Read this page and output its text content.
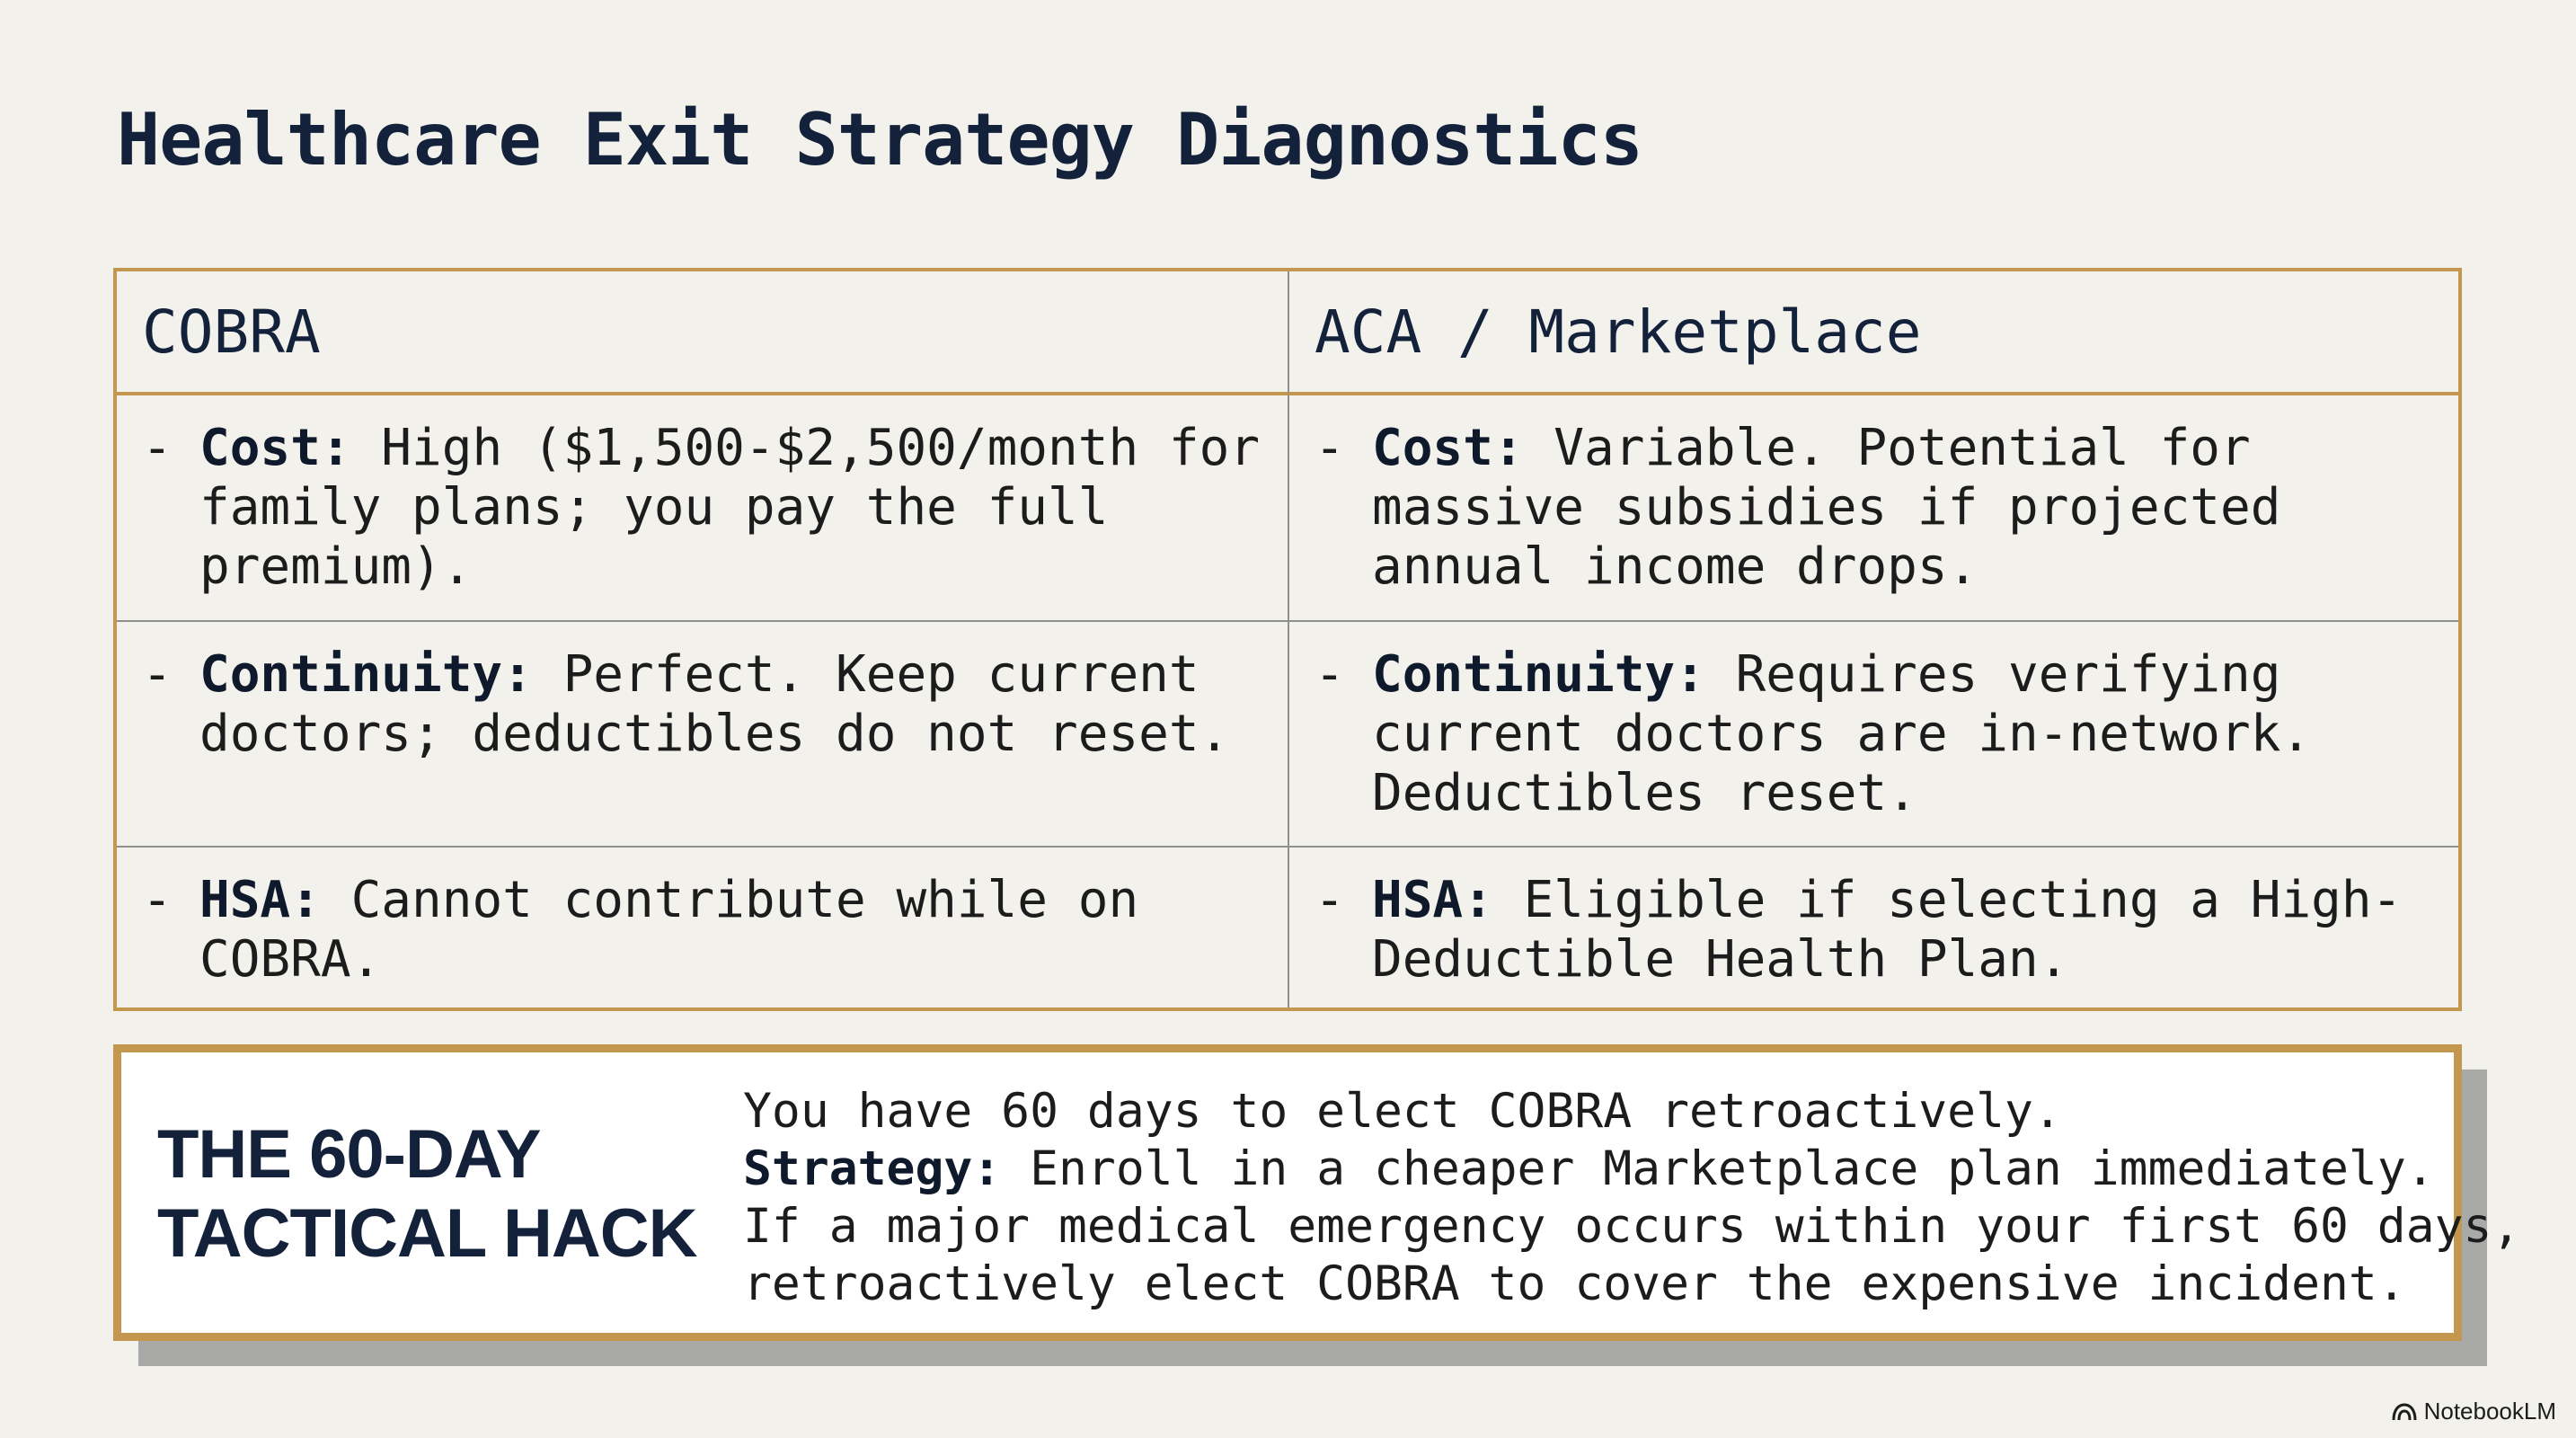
Healthcare Exit Strategy Diagnostics
COBRA	ACA / Marketplace
- Cost: High ($1,500-$2,500/month for family plans; you pay the full premium).
- Cost: Variable. Potential for massive subsidies if projected annual income drops.
- Continuity: Perfect. Keep current doctors; deductibles do not reset.
- Continuity: Requires verifying current doctors are in-network. Deductibles reset.
- HSA: Cannot contribute while on COBRA.
- HSA: Eligible if selecting a High-Deductible Health Plan.
THE 60-DAY TACTICAL HACK
You have 60 days to elect COBRA retroactively.
Strategy: Enroll in a cheaper Marketplace plan immediately.
If a major medical emergency occurs within your first 60 days,
retroactively elect COBRA to cover the expensive incident.
NotebookLM
